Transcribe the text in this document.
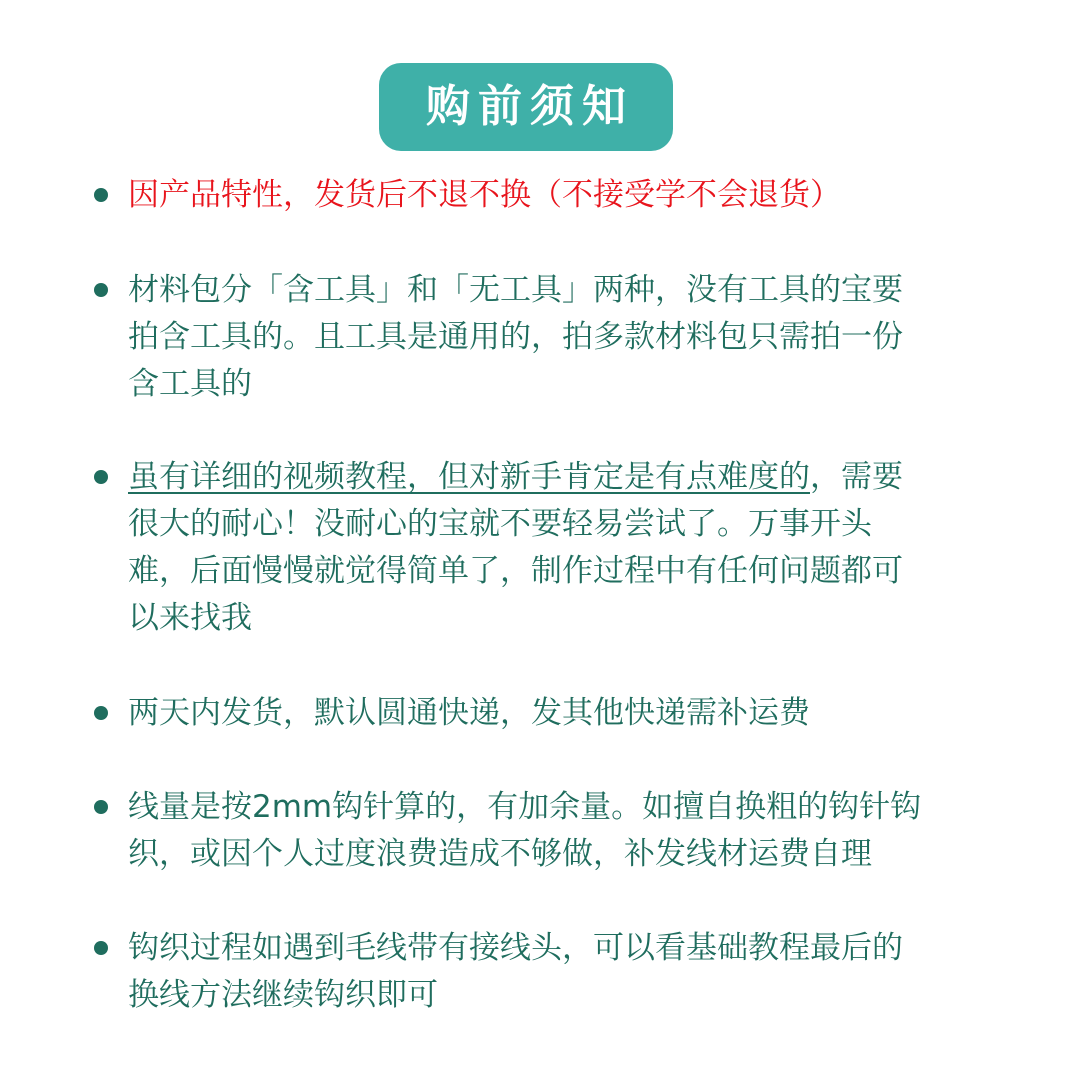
购前须知
因产品特性，发货后不退不换（不接受学不会退货）
材料包分「含工具」和「无工具」两种，没有工具的宝要
拍含工具的。且工具是通用的，拍多款材料包只需拍一份
含工具的
虽有详细的视频教程，但对新手肯定是有点难度的，需要
很大的耐心！没耐心的宝就不要轻易尝试了。万事开头
难，后面慢慢就觉得简单了，制作过程中有任何问题都可
以来找我
两天内发货，默认圆通快递，发其他快递需补运费
线量是按2mm钩针算的，有加余量。如擅自换粗的钩针钩
织，或因个人过度浪费造成不够做，补发线材运费自理
钩织过程如遇到毛线带有接线头，可以看基础教程最后的
换线方法继续钩织即可
